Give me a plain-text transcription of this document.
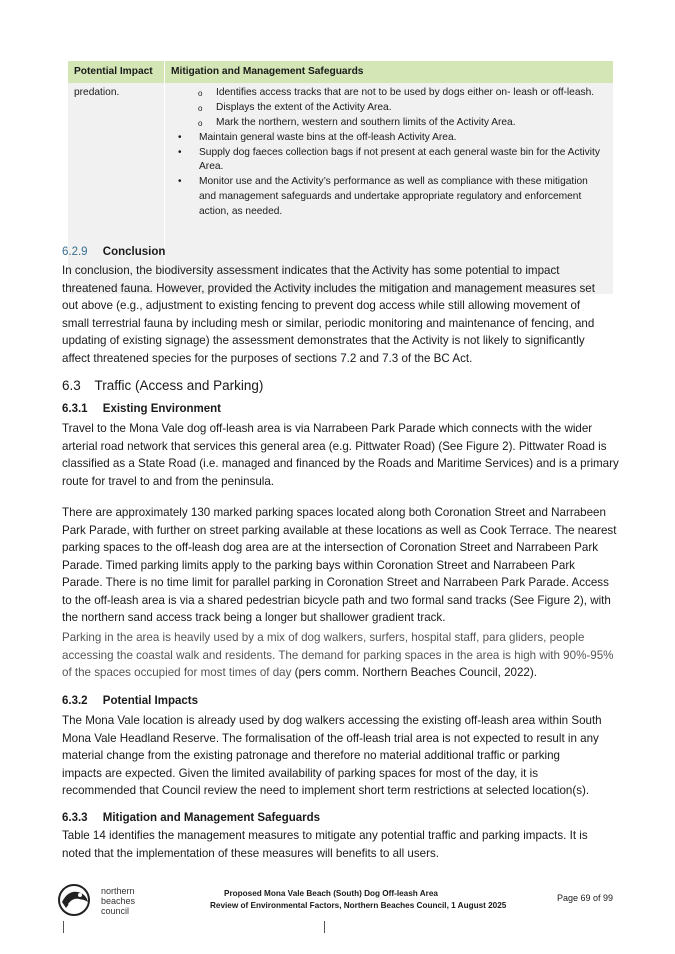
Potential Impact Mitigation and Management Safeguards
predation.	o Identifies access tracks that are not to be used by dogs either on- leash or off-leash.
o Displays the extent of the Activity Area.
o Mark the northern, western and southern limits of the Activity Area.
• Maintain general waste bins at the off-leash Activity Area.
• Supply dog faeces collection bags if not present at each general waste bin for the Activity
Area.
• Monitor use and the Activity’s performance as well as compliance with these mitigation
and management safeguards and undertake appropriate regulatory and enforcement
action, as needed.
6.2.9 Conclusion
In conclusion, the biodiversity assessment indicates that the Activity has some potential to impact
threatened fauna. However, provided the Activity includes the mitigation and management measures set
out above (e.g., adjustment to existing fencing to prevent dog access while still allowing movement of
small terrestrial fauna by including mesh or similar, periodic monitoring and maintenance of fencing, and
updating of existing signage) the assessment demonstrates that the Activity is not likely to significantly
affect threatened species for the purposes of sections 7.2 and 7.3 of the BC Act.
6.3 Traffic (Access and Parking)
6.3.1 Existing Environment
Travel to the Mona Vale dog off-leash area is via Narrabeen Park Parade which connects with the wider
arterial road network that services this general area (e.g. Pittwater Road) (See Figure 2). Pittwater Road is
classified as a State Road (i.e. managed and financed by the Roads and Maritime Services) and is a primary
route for travel to and from the peninsula.
There are approximately 130 marked parking spaces located along both Coronation Street and Narrabeen
Park Parade, with further on street parking available at these locations as well as Cook Terrace. The nearest
parking spaces to the off-leash dog area are at the intersection of Coronation Street and Narrabeen Park
Parade. Timed parking limits apply to the parking bays within Coronation Street and Narrabeen Park
Parade. There is no time limit for parallel parking in Coronation Street and Narrabeen Park Parade. Access
to the off-leash area is via a shared pedestrian bicycle path and two formal sand tracks (See Figure 2), with
the northern sand access track being a longer but shallower gradient track.
Parking in the area is heavily used by a mix of dog walkers, surfers, hospital staff, para gliders, people
accessing the coastal walk and residents. The demand for parking spaces in the area is high with 90%-95%
of the spaces occupied for most times of day (pers comm. Northern Beaches Council, 2022).
6.3.2 Potential Impacts
The Mona Vale location is already used by dog walkers accessing the existing off-leash area within South
Mona Vale Headland Reserve. The formalisation of the off-leash trial area is not expected to result in any
material change from the existing patronage and therefore no material additional traffic or parking
impacts are expected. Given the limited availability of parking spaces for most of the day, it is
recommended that Council review the need to implement short term restrictions at selected location(s).
6.3.3 Mitigation and Management Safeguards
Table 14 identifies the management measures to mitigate any potential traffic and parking impacts. It is
noted that the implementation of these measures will benefits to all users.
northern
beaches
council
Proposed Mona Vale Beach (South) Dog Off-leash Area
Review of Environmental Factors, Northern Beaches Council, 1 August 2025
Page 69 of 99
